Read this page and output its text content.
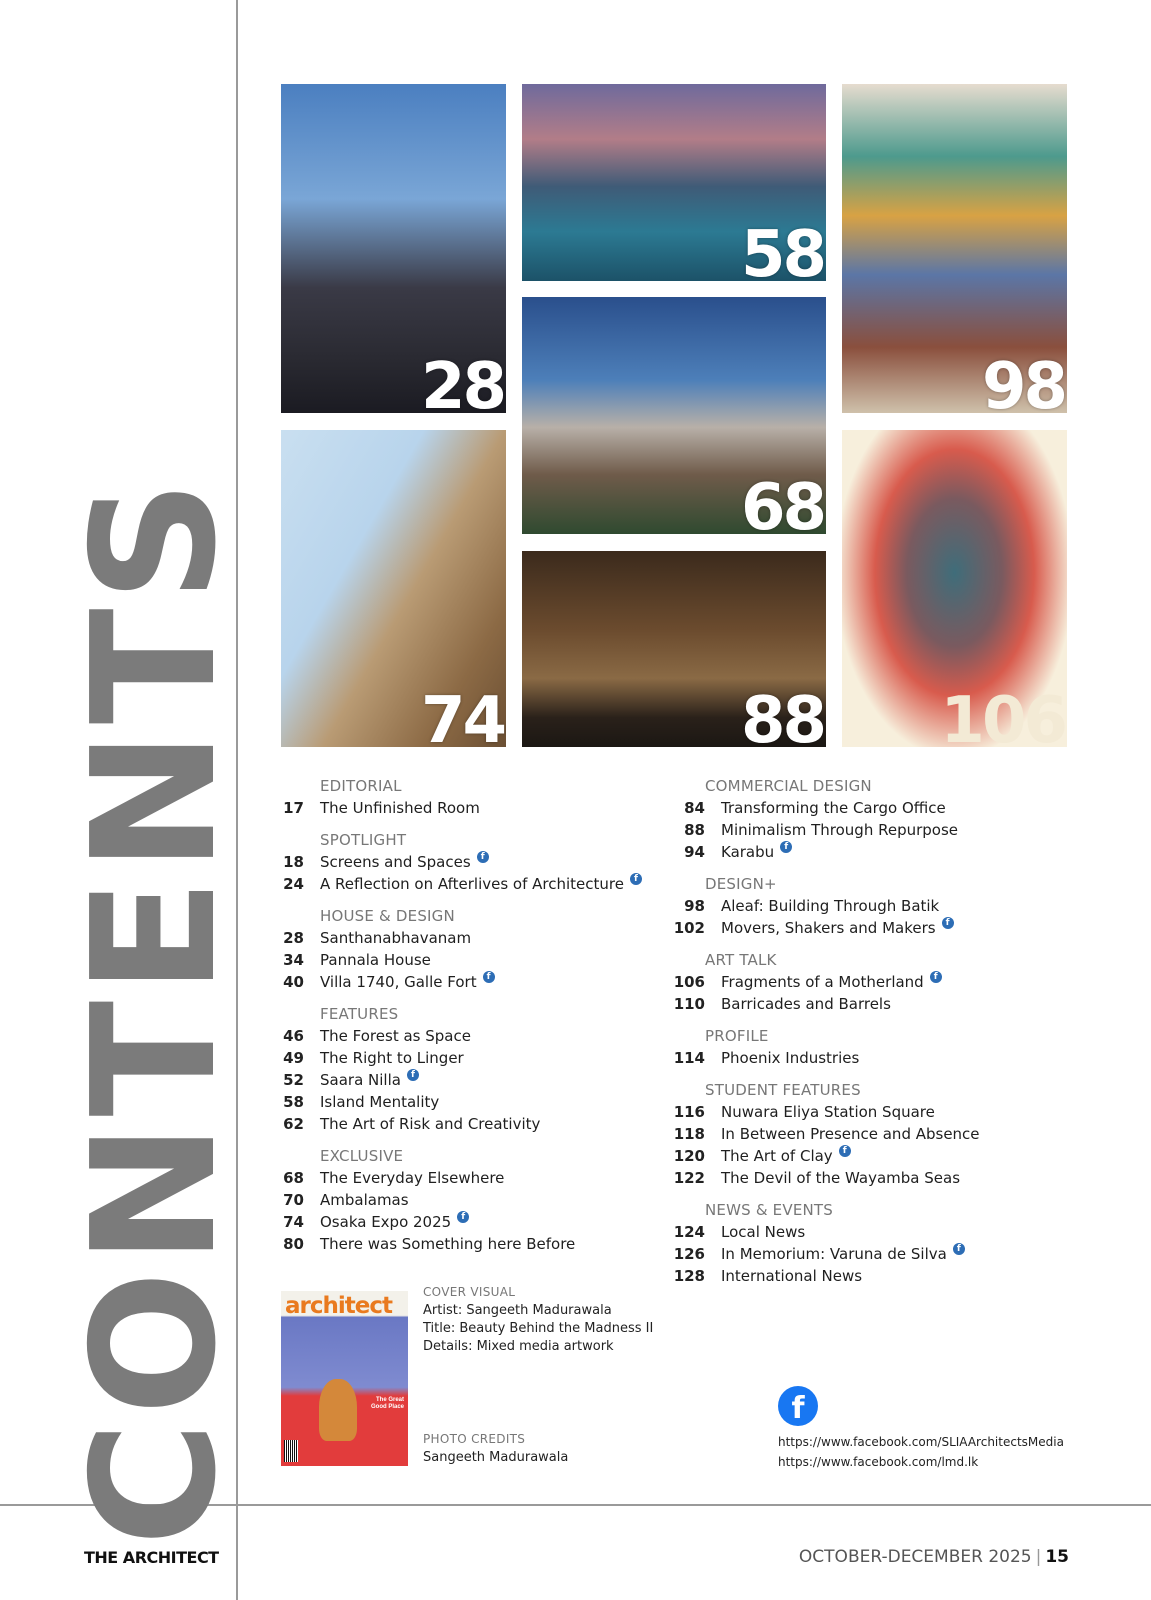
CONTENTS
28
58
98
68
74	88 106
EDITORIAL
17 The Unfinished Room
SPOTLIGHT
18 Screens and Spaces	f
24 A Reflection on Afterlives of Architecture	f
HOUSE & DESIGN
28 Santhanabhavanam
34 Pannala House
40 Villa 1740, Galle Fort	f
FEATURES
46 The Forest as Space
49 The Right to Linger
52 Saara Nilla	f
58 Island Mentality
62 The Art of Risk and Creativity
EXCLUSIVE
68 The Everyday Elsewhere
70 Ambalamas
74 Osaka Expo 2025	f
80 There was Something here Before
COMMERCIAL DESIGN
84 Transforming the Cargo Office
88 Minimalism Through Repurpose
94 Karabu	f
DESIGN+
98 Aleaf: Building Through Batik
102 Movers, Shakers and Makers	f
ART TALK
106 Fragments of a Motherland	f
110 Barricades and Barrels
PROFILE
114 Phoenix Industries
STUDENT FEATURES
116 Nuwara Eliya Station Square
118 In Between Presence and Absence
120 The Art of Clay	f
122 The Devil of the Wayamba Seas
NEWS & EVENTS
124 Local News
126 In Memorium: Varuna de Silva	f
128 International News
architect
The Great Good Place
COVER VISUAL
Artist: Sangeeth Madurawala
Title: Beauty Behind the Madness II
Details: Mixed media artwork
PHOTO CREDITS
Sangeeth Madurawala
f
https://www.facebook.com/SLIAArchitectsMedia
https://www.facebook.com/lmd.lk
THE ARCHITECT	OCTOBER-DECEMBER 2025 | 15
